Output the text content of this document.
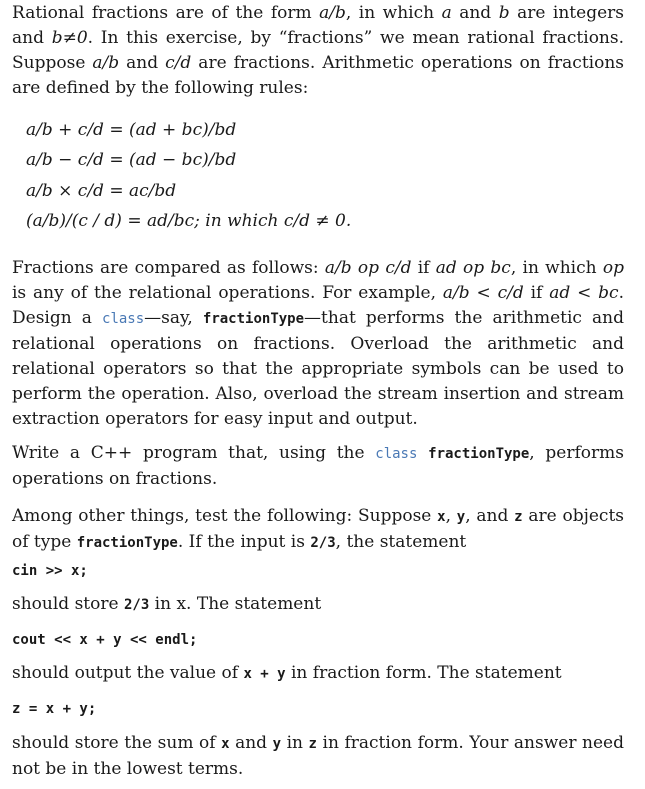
Rational fractions are of the form a/b, in which a and b are integers and b≠0. In this exercise, by “fractions” we mean rational fractions. Suppose a/b and c/d are fractions. Arithmetic operations on fractions are defined by the following rules:

a/b + c/d = (ad + bc)/bd
a/b − c/d = (ad − bc)/bd
a/b × c/d = ac/bd
(a/b)/(c / d) = ad/bc; in which c/d ≠ 0.

Fractions are compared as follows: a/b op c/d if ad op bc, in which op is any of the relational operations. For example, a/b < c/d if ad < bc. Design a class—say, fractionType—that performs the arithmetic and relational operations on fractions. Overload the arithmetic and relational operators so that the appropriate symbols can be used to perform the operation. Also, overload the stream insertion and stream extraction operators for easy input and output.

Write a C++ program that, using the class fractionType, performs operations on fractions.

Among other things, test the following: Suppose x, y, and z are objects of type fractionType. If the input is 2/3, the statement

cin >> x;

should store 2/3 in x. The statement

cout << x + y << endl;

should output the value of x + y in fraction form. The statement

z = x + y;

should store the sum of x and y in z in fraction form. Your answer need not be in the lowest terms.
